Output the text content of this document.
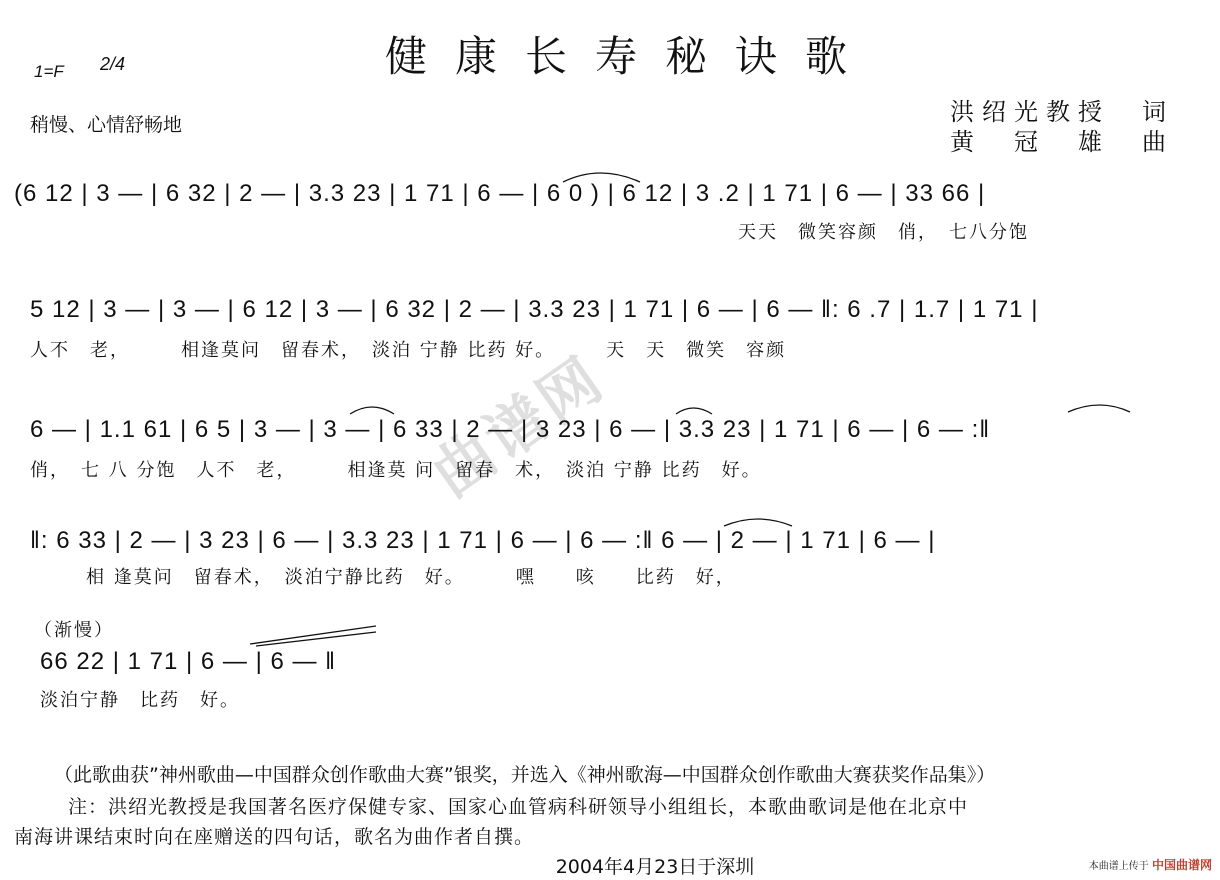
健康长寿秘诀歌
1=F 2/4
稍慢、心情舒畅地	洪绍光教授　词
黄　冠　雄　曲
曲谱网
(6 12 | 3 — | 6 32 | 2 — | 3.3 23 | 1 71 | 6 — | 6 0 ) | 6 12 | 3 .2 | 1 71 | 6 — | 33 66 |
天天　微笑容颜　俏，　七八分饱
5 12 | 3 — | 3 — | 6 12 | 3 — | 6 32 | 2 — | 3.3 23 | 1 71 | 6 — | 6 — ‖: 6 .7 | 1.7 | 1 71 |
人不　老，　　　相逢莫问　留春术，　淡泊 宁静 比药 好。　　　天　天　微笑　容颜
6 — | 1.1 61 | 6 5 | 3 — | 3 — | 6 33 | 2 — | 3 23 | 6 — | 3.3 23 | 1 71 | 6 — | 6 — :‖
俏，　七 八 分饱　人不　老，　　　相逢莫 问　留春　术，　淡泊 宁静 比药　好。
‖: 6 33 | 2 — | 3 23 | 6 — | 3.3 23 | 1 71 | 6 — | 6 — :‖ 6 — | 2 — | 1 71 | 6 — |
相 逢莫问　留春术，　淡泊宁静比药　好。　　　嘿　　咳　　比药　好，
（渐慢）
66 22 | 1 71 | 6 — | 6 — ‖
淡泊宁静　比药　好。
（此歌曲获”神州歌曲—中国群众创作歌曲大赛”银奖，并选入《神州歌海—中国群众创作歌曲大赛获奖作品集》）
注：洪绍光教授是我国著名医疗保健专家、国家心血管病科研领导小组组长，本歌曲歌词是他在北京中
南海讲课结束时向在座赠送的四句话，歌名为曲作者自撰。
2004年4月23日于深圳	本曲谱上传于 中国曲谱网
